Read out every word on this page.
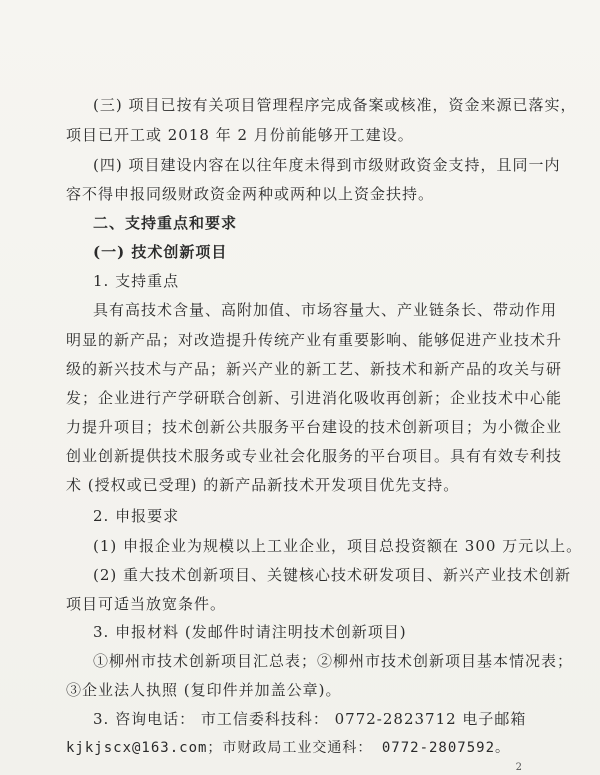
(三) 项目已按有关项目管理程序完成备案或核准，资金来源已落实，
项目已开工或 2018 年 2 月份前能够开工建设。
(四) 项目建设内容在以往年度未得到市级财政资金支持，且同一内
容不得申报同级财政资金两种或两种以上资金扶持。
二、支持重点和要求
(一) 技术创新项目
1. 支持重点
具有高技术含量、高附加值、市场容量大、产业链条长、带动作用
明显的新产品；对改造提升传统产业有重要影响、能够促进产业技术升
级的新兴技术与产品；新兴产业的新工艺、新技术和新产品的攻关与研
发；企业进行产学研联合创新、引进消化吸收再创新；企业技术中心能
力提升项目；技术创新公共服务平台建设的技术创新项目；为小微企业
创业创新提供技术服务或专业社会化服务的平台项目。具有有效专利技
术 (授权或已受理) 的新产品新技术开发项目优先支持。
2. 申报要求
(1) 申报企业为规模以上工业企业，项目总投资额在 300 万元以上。
(2) 重大技术创新项目、关键核心技术研发项目、新兴产业技术创新
项目可适当放宽条件。
3. 申报材料 (发邮件时请注明技术创新项目)
①柳州市技术创新项目汇总表；②柳州市技术创新项目基本情况表；
③企业法人执照 (复印件并加盖公章)。
3. 咨询电话： 市工信委科技科： 0772-2823712 电子邮箱
kjkjscx@163.com；市财政局工业交通科： 0772-2807592。
2
